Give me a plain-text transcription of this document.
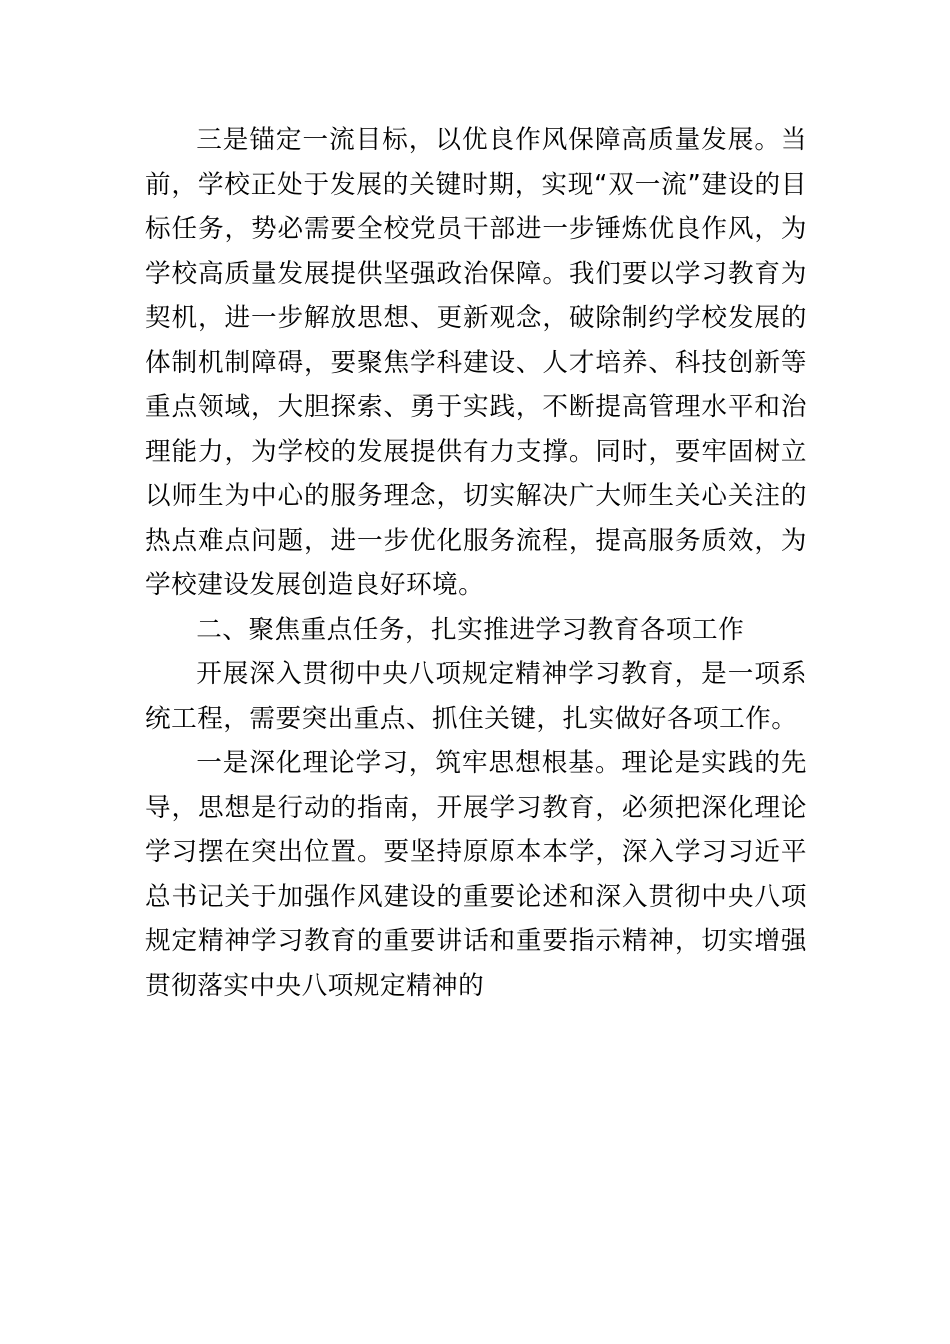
三是锚定一流目标，以优良作风保障高质量发展。当前，学校正处于发展的关键时期，实现“双一流”建设的目标任务，势必需要全校党员干部进一步锤炼优良作风，为学校高质量发展提供坚强政治保障。我们要以学习教育为契机，进一步解放思想、更新观念，破除制约学校发展的体制机制障碍，要聚焦学科建设、人才培养、科技创新等重点领域，大胆探索、勇于实践，不断提高管理水平和治理能力，为学校的发展提供有力支撑。同时，要牢固树立以师生为中心的服务理念，切实解决广大师生关心关注的热点难点问题，进一步优化服务流程，提高服务质效，为学校建设发展创造良好环境。

二、聚焦重点任务，扎实推进学习教育各项工作

开展深入贯彻中央八项规定精神学习教育，是一项系统工程，需要突出重点、抓住关键，扎实做好各项工作。

一是深化理论学习，筑牢思想根基。理论是实践的先导，思想是行动的指南，开展学习教育，必须把深化理论学习摆在突出位置。要坚持原原本本学，深入学习习近平总书记关于加强作风建设的重要论述和深入贯彻中央八项规定精神学习教育的重要讲话和重要指示精神，切实增强贯彻落实中央八项规定精神的
